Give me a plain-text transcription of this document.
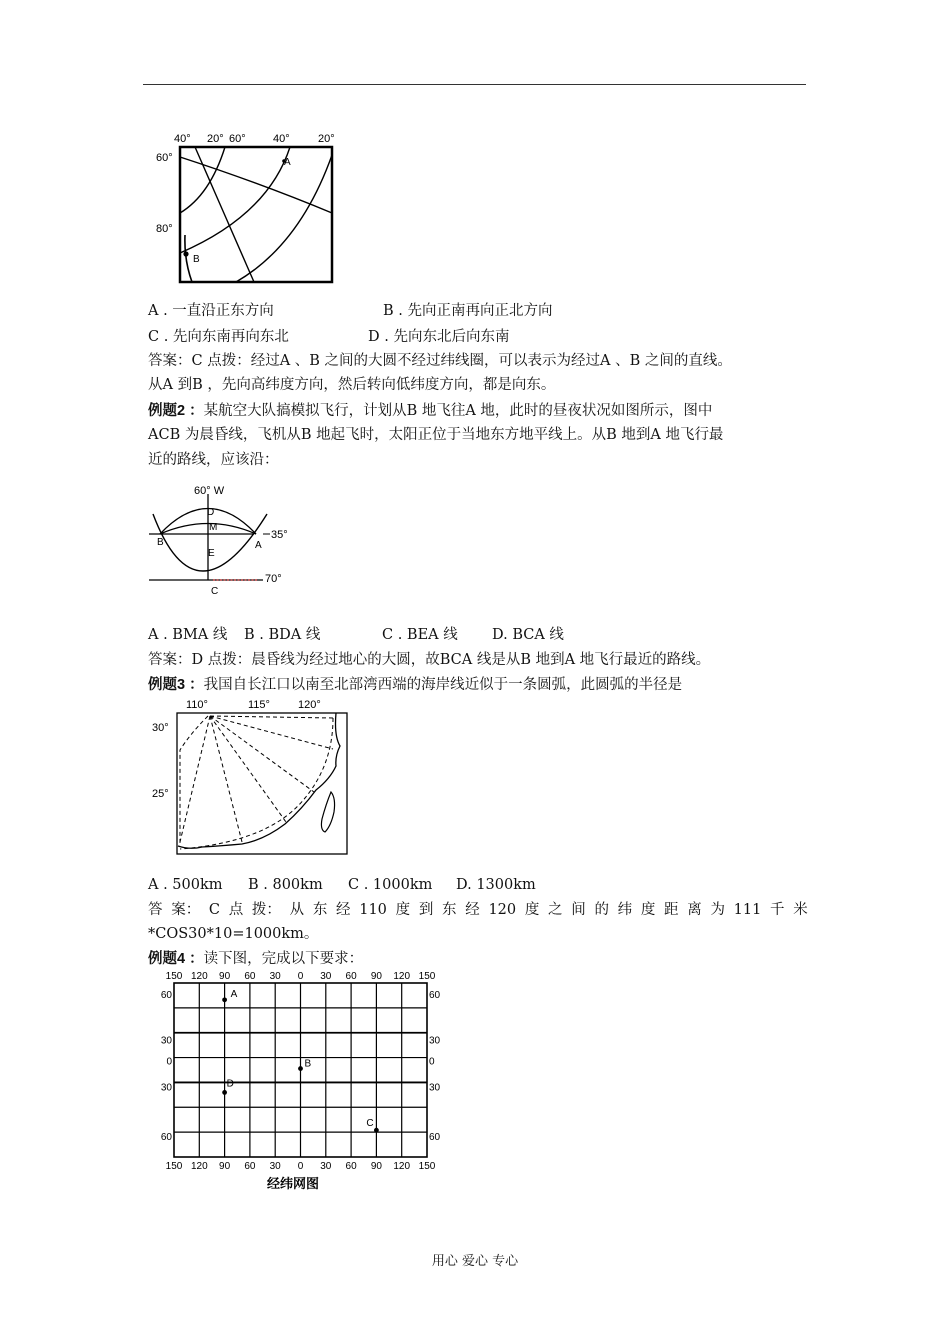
40° 20° 60° 40°	20°
60°
80°
A
B
A . 一直沿正东方向	B . 先向正南再向正北方向
C . 先向东南再向东北	D . 先向东北后向东南
答案：C 点拨：经过A 、B 之间的大圆不经过纬线圈，可以表示为经过A 、B 之间的直线。
从A 到B ，先向高纬度方向，然后转向低纬度方向，都是向东。
例题2 ：某航空大队搞模拟飞行，计划从B 地飞往A 地，此时的昼夜状况如图所示，图中
ACB 为晨昏线，飞机从B 地起飞时，太阳正位于当地东方地平线上。从B 地到A 地飞行最
近的路线，应该沿：
60° W
35°
70°
D
M
B
E
A
C
A . BMA 线 B . BDA 线	C . BEA 线 D. BCA 线
答案：D 点拨：晨昏线为经过地心的大圆，故BCA 线是从B 地到A 地飞行最近的路线。
例题3 ：我国自长江口以南至北部湾西端的海岸线近似于一条圆弧，此圆弧的半径是
110°	115°	120°
30°
25°
A . 500km B . 800km C . 1000km D. 1300km
答 案： C 点 拨： 从 东 经 110 度 到 东 经 120 度 之 间 的 纬 度 距 离 为 111 千 米
*COS30*10=1000km。
例题4 ：读下图，完成以下要求：
150
150
120
120
90
90
60
60
30
30
0
0
30
30
60
60
90
90
120
120
150
150
60	60
30	30
0	0
30	30
60	60
A
B
D
C
经纬网图
用心 爱心 专心
